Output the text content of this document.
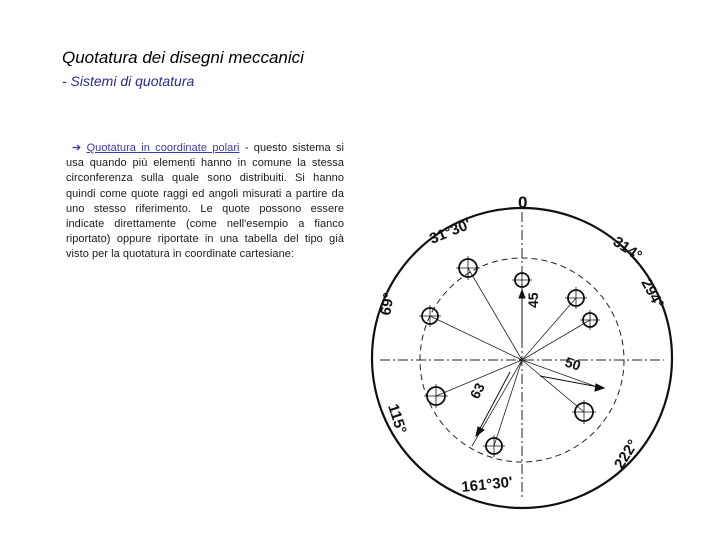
Quotatura dei disegni meccanici
- Sistemi di quotatura
➔ Quotatura in coordinate polari - questo sistema si usa quando più elementi hanno in comune la stessa circonferenza sulla quale sono distribuiti. Si hanno quindi come quote raggi ed angoli misurati a partire da uno stesso riferimento. Le quote possono essere indicate direttamente (come nell'esempio a fianco riportato) oppure riportate in una tabella del tipo già visto per la quotatura in coordinate cartesiane:
0
31°30'
314°
294°
69°	45
50
63
115°
222°
161°30'
